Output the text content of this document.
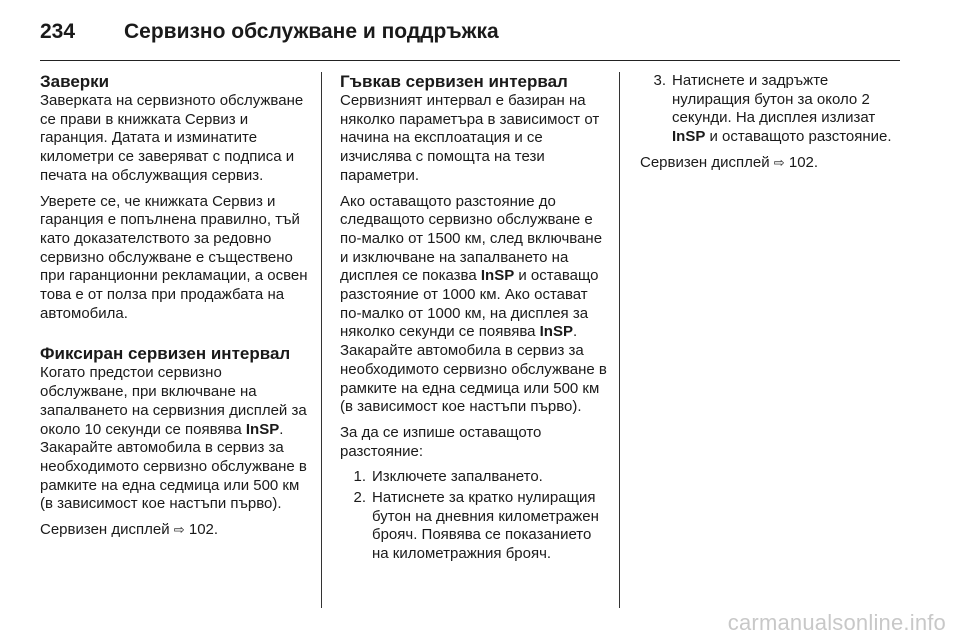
234	Сервизно обслужване и поддръжка
Заверки

Заверката на сервизното обслужване се прави в книжката Сервиз и гаранция. Датата и изминатите километри се заверяват с подписа и печата на обслужващия сервиз.

Уверете се, че книжката Сервиз и гаранция е попълнена правилно, тъй като доказателството за редовно сервизно обслужване е съществено при гаранционни рекламации, а освен това е от полза при продажбата на автомобила.

Фиксиран сервизен интервал

Когато предстои сервизно обслужване, при включване на запалването на сервизния дисплей за около 10 секунди се появява InSP. Закарайте автомобила в сервиз за необходимото сервизно обслужване в рамките на една седмица или 500 км (в зависимост кое настъпи първо).

Сервизен дисплей ⇨ 102.

Гъвкав сервизен интервал

Сервизният интервал е базиран на няколко параметъра в зависимост от начина на експлоатация и се изчислява с помощта на тези параметри.

Ако оставащото разстояние до следващото сервизно обслужване е по-малко от 1500 км, след включване и изключване на запалването на дисплея се показва InSP и оставащо разстояние от 1000 км. Ако остават по-малко от 1000 км, на дисплея за няколко секунди се появява InSP. Закарайте автомобила в сервиз за необходимото сервизно обслужване в рамките на една седмица или 500 км (в зависимост кое настъпи първо).

За да се изпише оставащото разстояние:

1. Изключете запалването.
2. Натиснете за кратко нулиращия бутон на дневния километражен брояч. Появява се показанието на километражния брояч.
3. Натиснете и задръжте нулиращия бутон за около 2 секунди. На дисплея излизат InSP и оставащото разстояние.

Сервизен дисплей ⇨ 102.

carmanualsonline.info
